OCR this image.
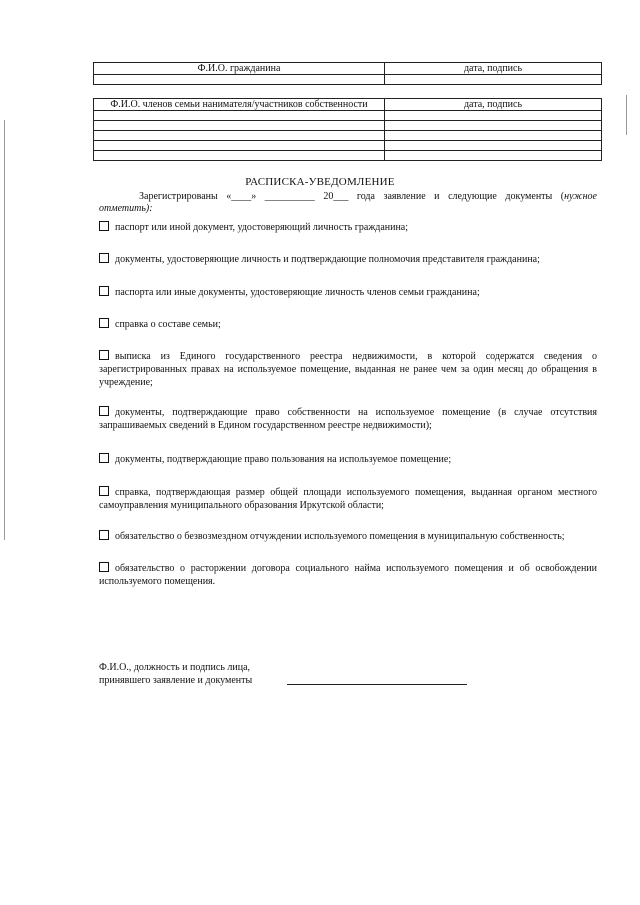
Ф.И.О. гражданина	дата, подпись

Ф.И.О. членов семьи нанимателя/участников собственности	дата, подпись

РАСПИСКА-УВЕДОМЛЕНИЕ
Зарегистрированы «____» __________ 20___ года заявление и следующие документы (нужное отметить):
паспорт или иной документ, удостоверяющий личность гражданина;
документы, удостоверяющие личность и подтверждающие полномочия представителя гражданина;
паспорта или иные документы, удостоверяющие личность членов семьи гражданина;
справка о составе семьи;
выписка из Единого государственного реестра недвижимости, в которой содержатся сведения о зарегистрированных правах на используемое помещение, выданная не ранее чем за один месяц до обращения в учреждение;
документы, подтверждающие право собственности на используемое помещение (в случае отсутствия запрашиваемых сведений в Едином государственном реестре недвижимости);
документы, подтверждающие право пользования на используемое помещение;
справка, подтверждающая размер общей площади используемого помещения, выданная органом местного самоуправления муниципального образования Иркутской области;
обязательство о безвозмездном отчуждении используемого помещения в муниципальную собственность;
обязательство о расторжении договора социального найма используемого помещения и об освобождении используемого помещения.
Ф.И.О., должность и подпись лица,
принявшего заявление и документы
